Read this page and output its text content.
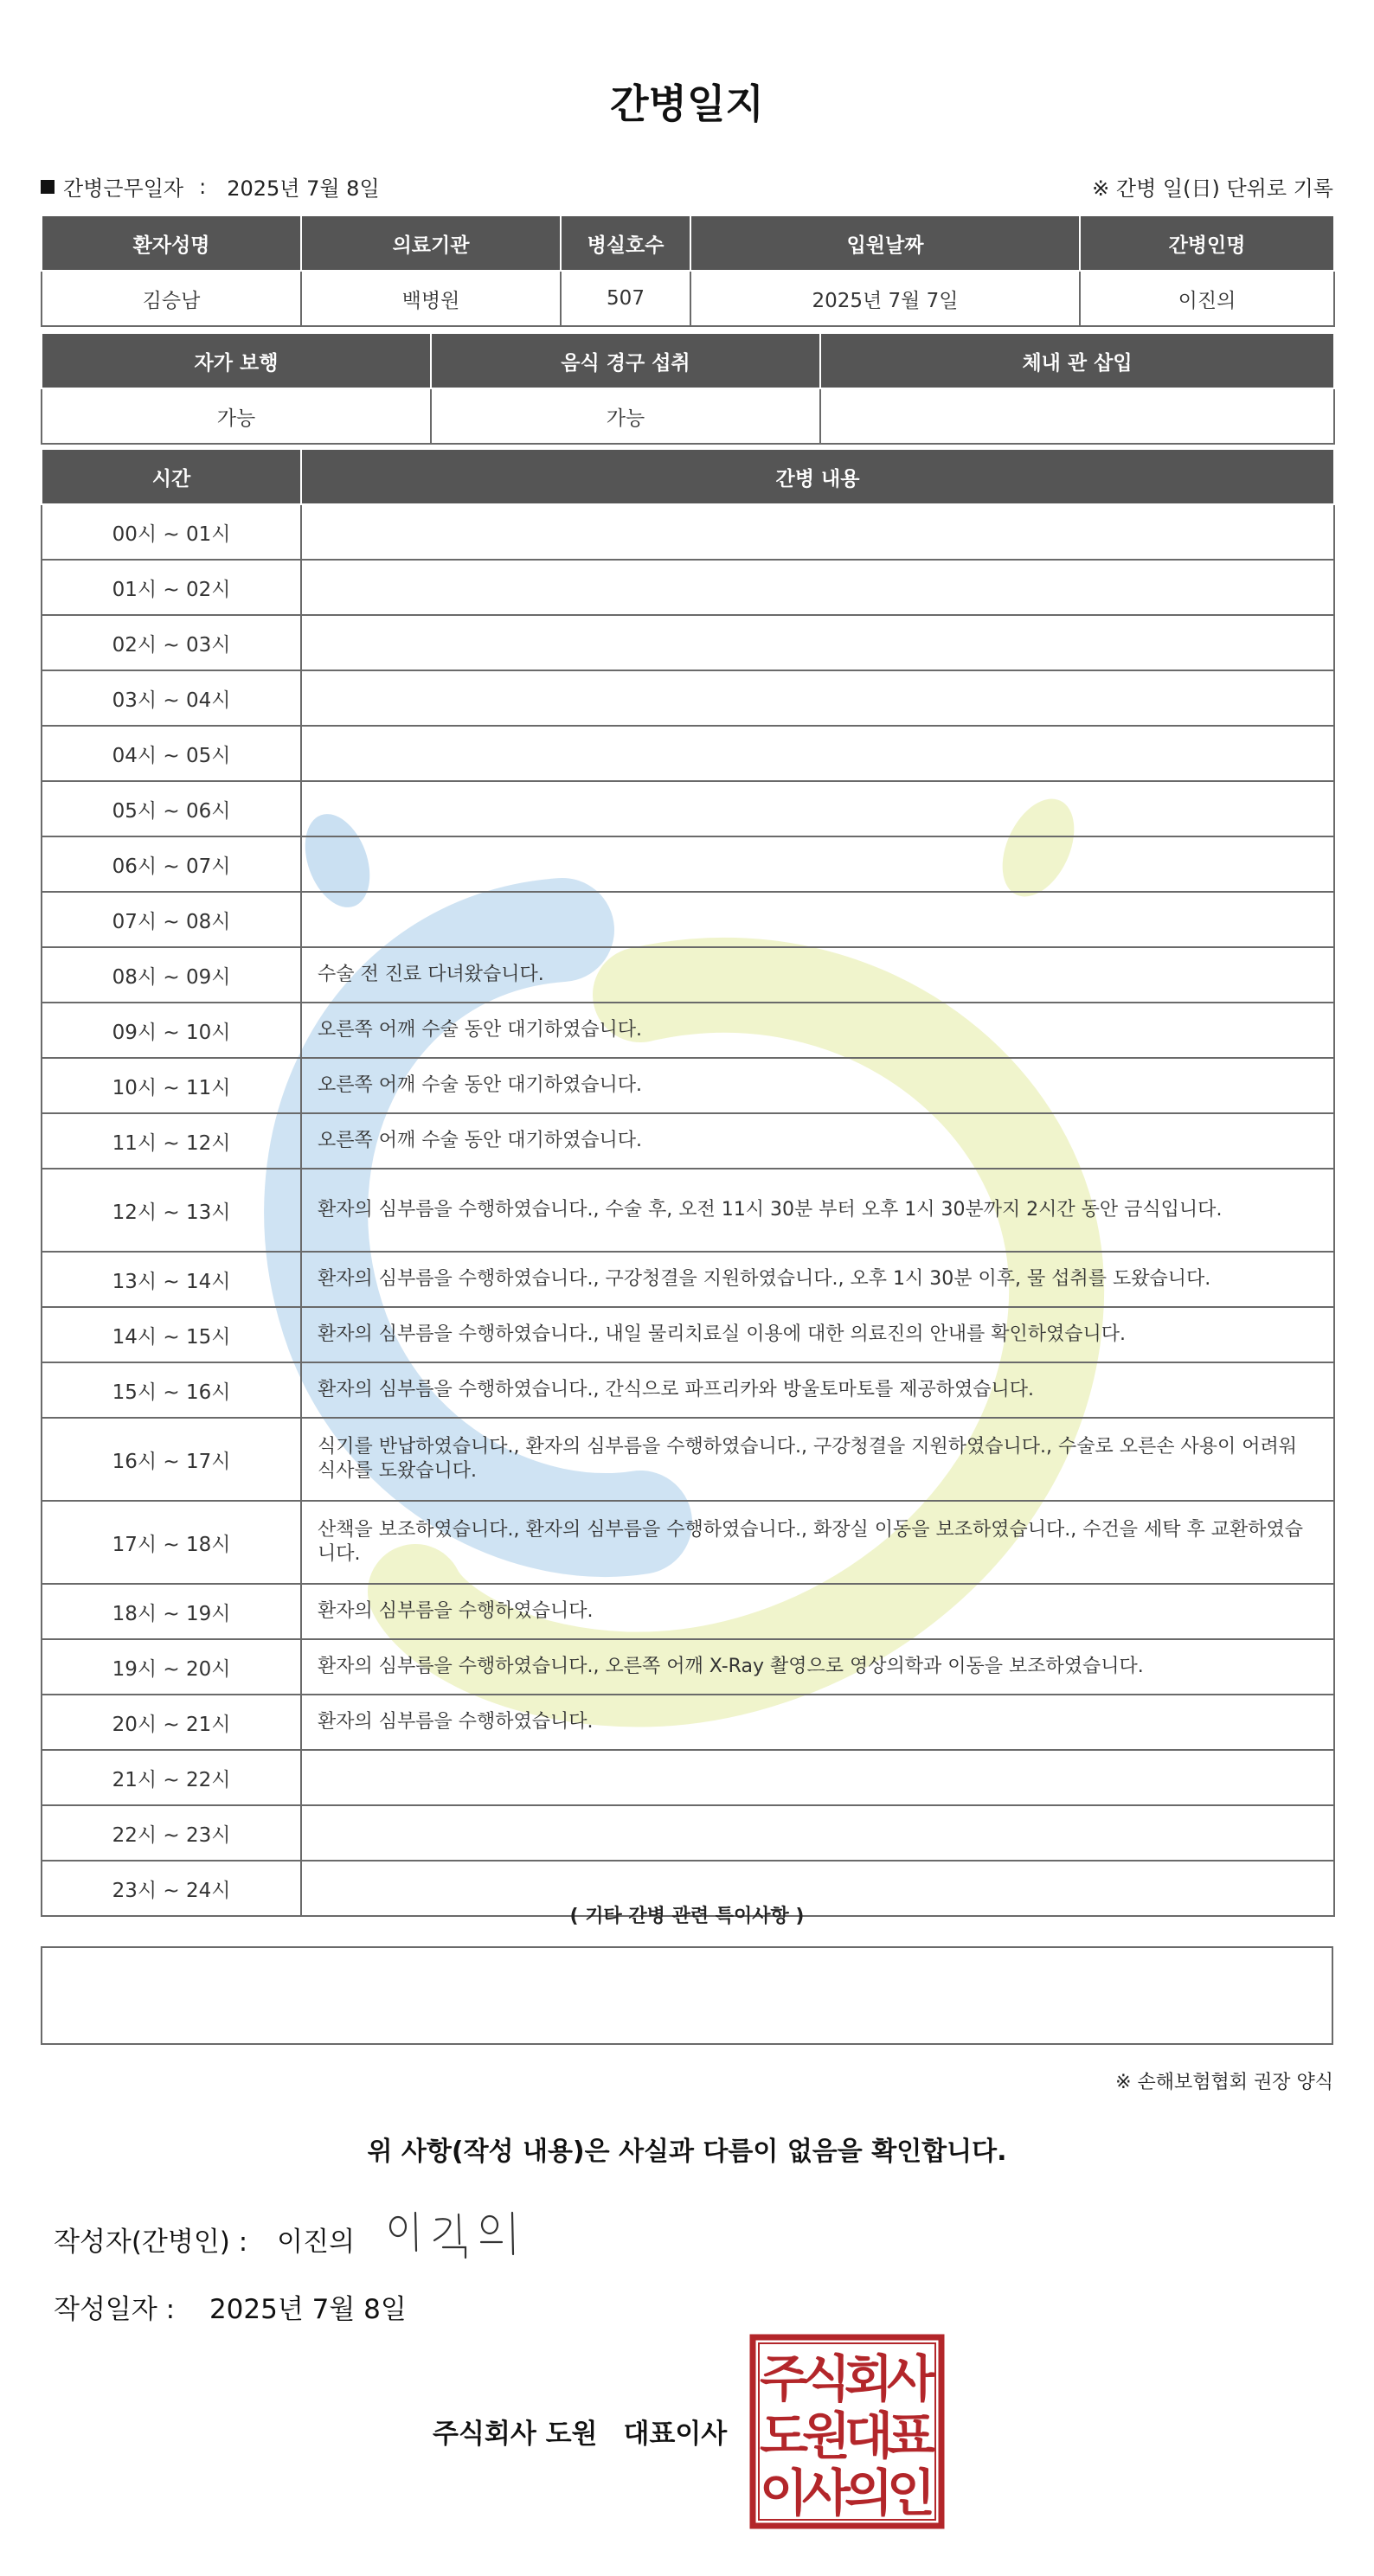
간병일지
간병근무일자 : 2025년 7월 8일	※ 간병 일(日) 단위로 기록
환자성명	의료기관	병실호수	입원날짜	간병인명
김승남	백병원	507	2025년 7월 7일	이진의
자가 보행	음식 경구 섭취	체내 관 삽입
가능	가능	
시간	간병 내용
00시 ~ 01시	
01시 ~ 02시	
02시 ~ 03시	
03시 ~ 04시	
04시 ~ 05시	
05시 ~ 06시	
06시 ~ 07시	
07시 ~ 08시	
08시 ~ 09시	수술 전 진료 다녀왔습니다.
09시 ~ 10시	오른쪽 어깨 수술 동안 대기하였습니다.
10시 ~ 11시	오른쪽 어깨 수술 동안 대기하였습니다.
11시 ~ 12시	오른쪽 어깨 수술 동안 대기하였습니다.
12시 ~ 13시	환자의 심부름을 수행하였습니다., 수술 후, 오전 11시 30분 부터 오후 1시 30분까지 2시간 동안 금식입니다.
13시 ~ 14시	환자의 심부름을 수행하였습니다., 구강청결을 지원하였습니다., 오후 1시 30분 이후, 물 섭취를 도왔습니다.
14시 ~ 15시	환자의 심부름을 수행하였습니다., 내일 물리치료실 이용에 대한 의료진의 안내를 확인하였습니다.
15시 ~ 16시	환자의 심부름을 수행하였습니다., 간식으로 파프리카와 방울토마토를 제공하였습니다.
16시 ~ 17시	식기를 반납하였습니다., 환자의 심부름을 수행하였습니다., 구강청결을 지원하였습니다., 수술로 오른손 사용이 어려워 식사를 도왔습니다.
17시 ~ 18시	산책을 보조하였습니다., 환자의 심부름을 수행하였습니다., 화장실 이동을 보조하였습니다., 수건을 세탁 후 교환하였습니다.
18시 ~ 19시	환자의 심부름을 수행하였습니다.
19시 ~ 20시	환자의 심부름을 수행하였습니다., 오른쪽 어깨 X-Ray 촬영으로 영상의학과 이동을 보조하였습니다.
20시 ~ 21시	환자의 심부름을 수행하였습니다.
21시 ~ 22시	
22시 ~ 23시	
23시 ~ 24시	
( 기타 간병 관련 특이사항 )
※ 손해보험협회 권장 양식
위 사항(작성 내용)은 사실과 다름이 없음을 확인합니다.
작성자(간병인) : 이진의
작성일자 : 2025년 7월 8일
주식회사 도원 대표이사
주
식
회
사
도
원
대
표
이
사
의
인
